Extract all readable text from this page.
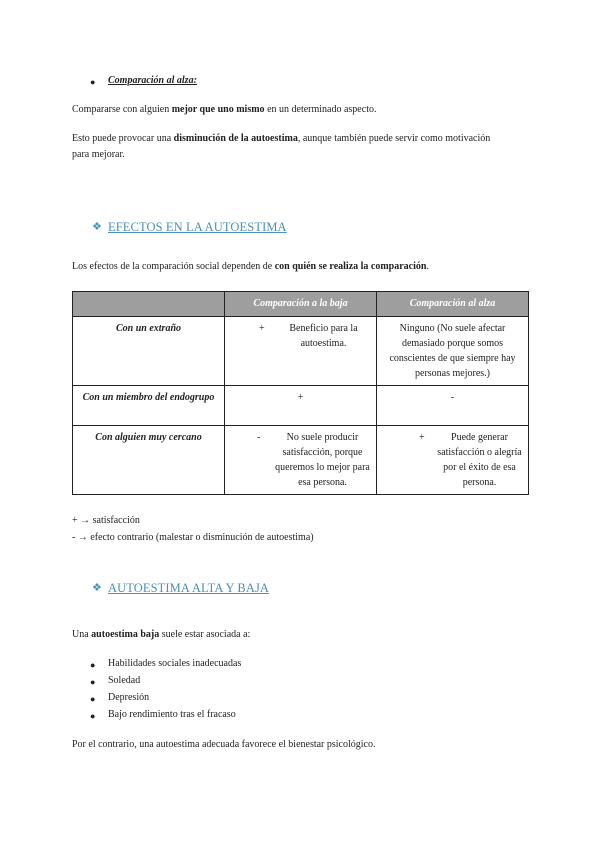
● Comparación al alza:
Compararse con alguien mejor que uno mismo en un determinado aspecto.
Esto puede provocar una disminución de la autoestima, aunque también puede servir como motivación
para mejorar.
❖ EFECTOS EN LA AUTOESTIMA
Los efectos de la comparación social dependen de con quién se realiza la comparación.
	Comparación a la baja	Comparación al alza
Con un extraño	+ Beneficio para la autoestima.	Ninguno (No suele afectar demasiado porque somos conscientes de que siempre hay personas mejores.)
Con un miembro del endogrupo	+	-
Con alguien muy cercano	- No suele producir satisfacción, porque queremos lo mejor para esa persona.	+ Puede generar satisfacción o alegría por el éxito de esa persona.
+ → satisfacción
- → efecto contrario (malestar o disminución de autoestima)
❖ AUTOESTIMA ALTA Y BAJA
Una autoestima baja suele estar asociada a:
● Habilidades sociales inadecuadas
● Soledad
● Depresión
● Bajo rendimiento tras el fracaso
Por el contrario, una autoestima adecuada favorece el bienestar psicológico.
